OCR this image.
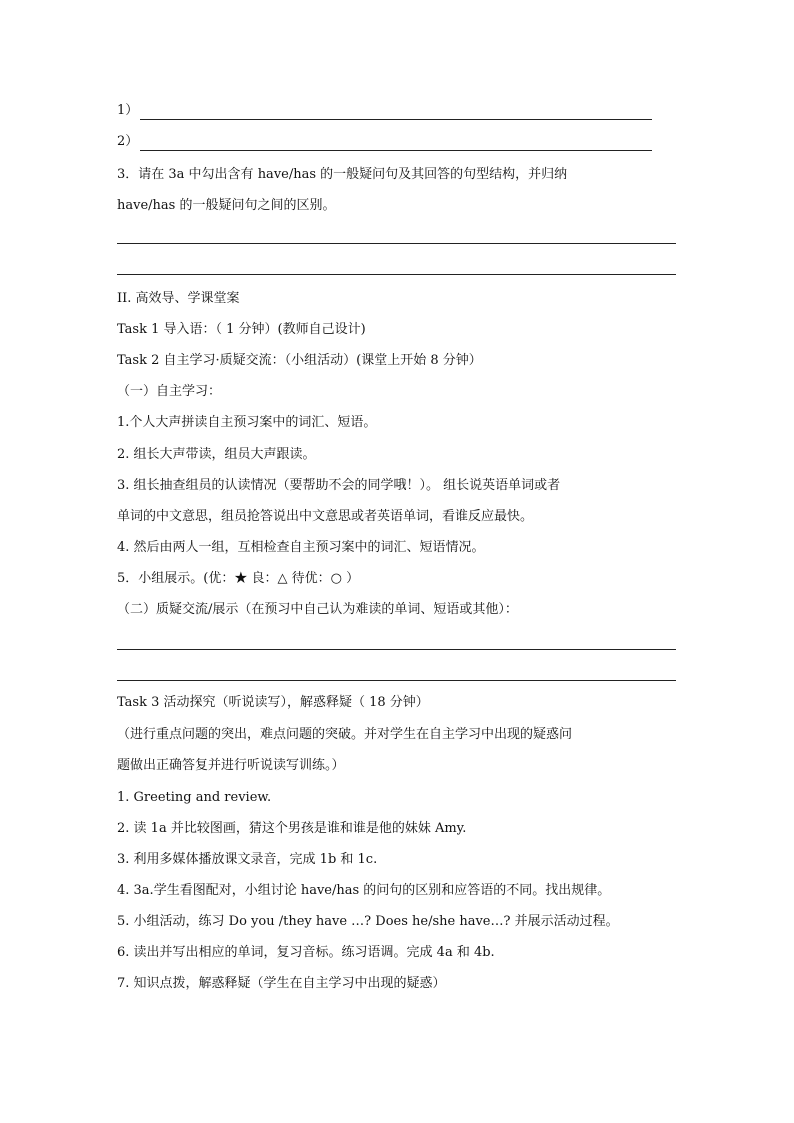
1）
2）
3．请在 3a 中勾出含有 have/has 的一般疑问句及其回答的句型结构，并归纳
have/has 的一般疑问句之间的区别。
II. 高效导、学课堂案
Task 1 导入语：（ 1 分钟）(教师自己设计)
Task 2 自主学习·质疑交流：（小组活动）(课堂上开始 8 分钟）
（一）自主学习：
1.个人大声拼读自主预习案中的词汇、短语。
2. 组长大声带读，组员大声跟读。
3. 组长抽查组员的认读情况（要帮助不会的同学哦！）。 组长说英语单词或者
单词的中文意思，组员抢答说出中文意思或者英语单词，看谁反应最快。
4. 然后由两人一组，互相检查自主预习案中的词汇、短语情况。
5．小组展示。(优：★ 良：△ 待优：○ ）
（二）质疑交流/展示（在预习中自己认为难读的单词、短语或其他）：
Task 3 活动探究（听说读写），解惑释疑（ 18 分钟）
（进行重点问题的突出，难点问题的突破。并对学生在自主学习中出现的疑惑问
题做出正确答复并进行听说读写训练。）
1. Greeting and review.
2. 读 1a 并比较图画，猜这个男孩是谁和谁是他的妹妹 Amy.
3. 利用多媒体播放课文录音，完成 1b 和 1c.
4. 3a.学生看图配对，小组讨论 have/has 的问句的区别和应答语的不同。找出规律。
5. 小组活动，练习 Do you /they have …? Does he/she have…? 并展示活动过程。
6. 读出并写出相应的单词，复习音标。练习语调。完成 4a 和 4b.
7. 知识点拨，解惑释疑（学生在自主学习中出现的疑惑）
